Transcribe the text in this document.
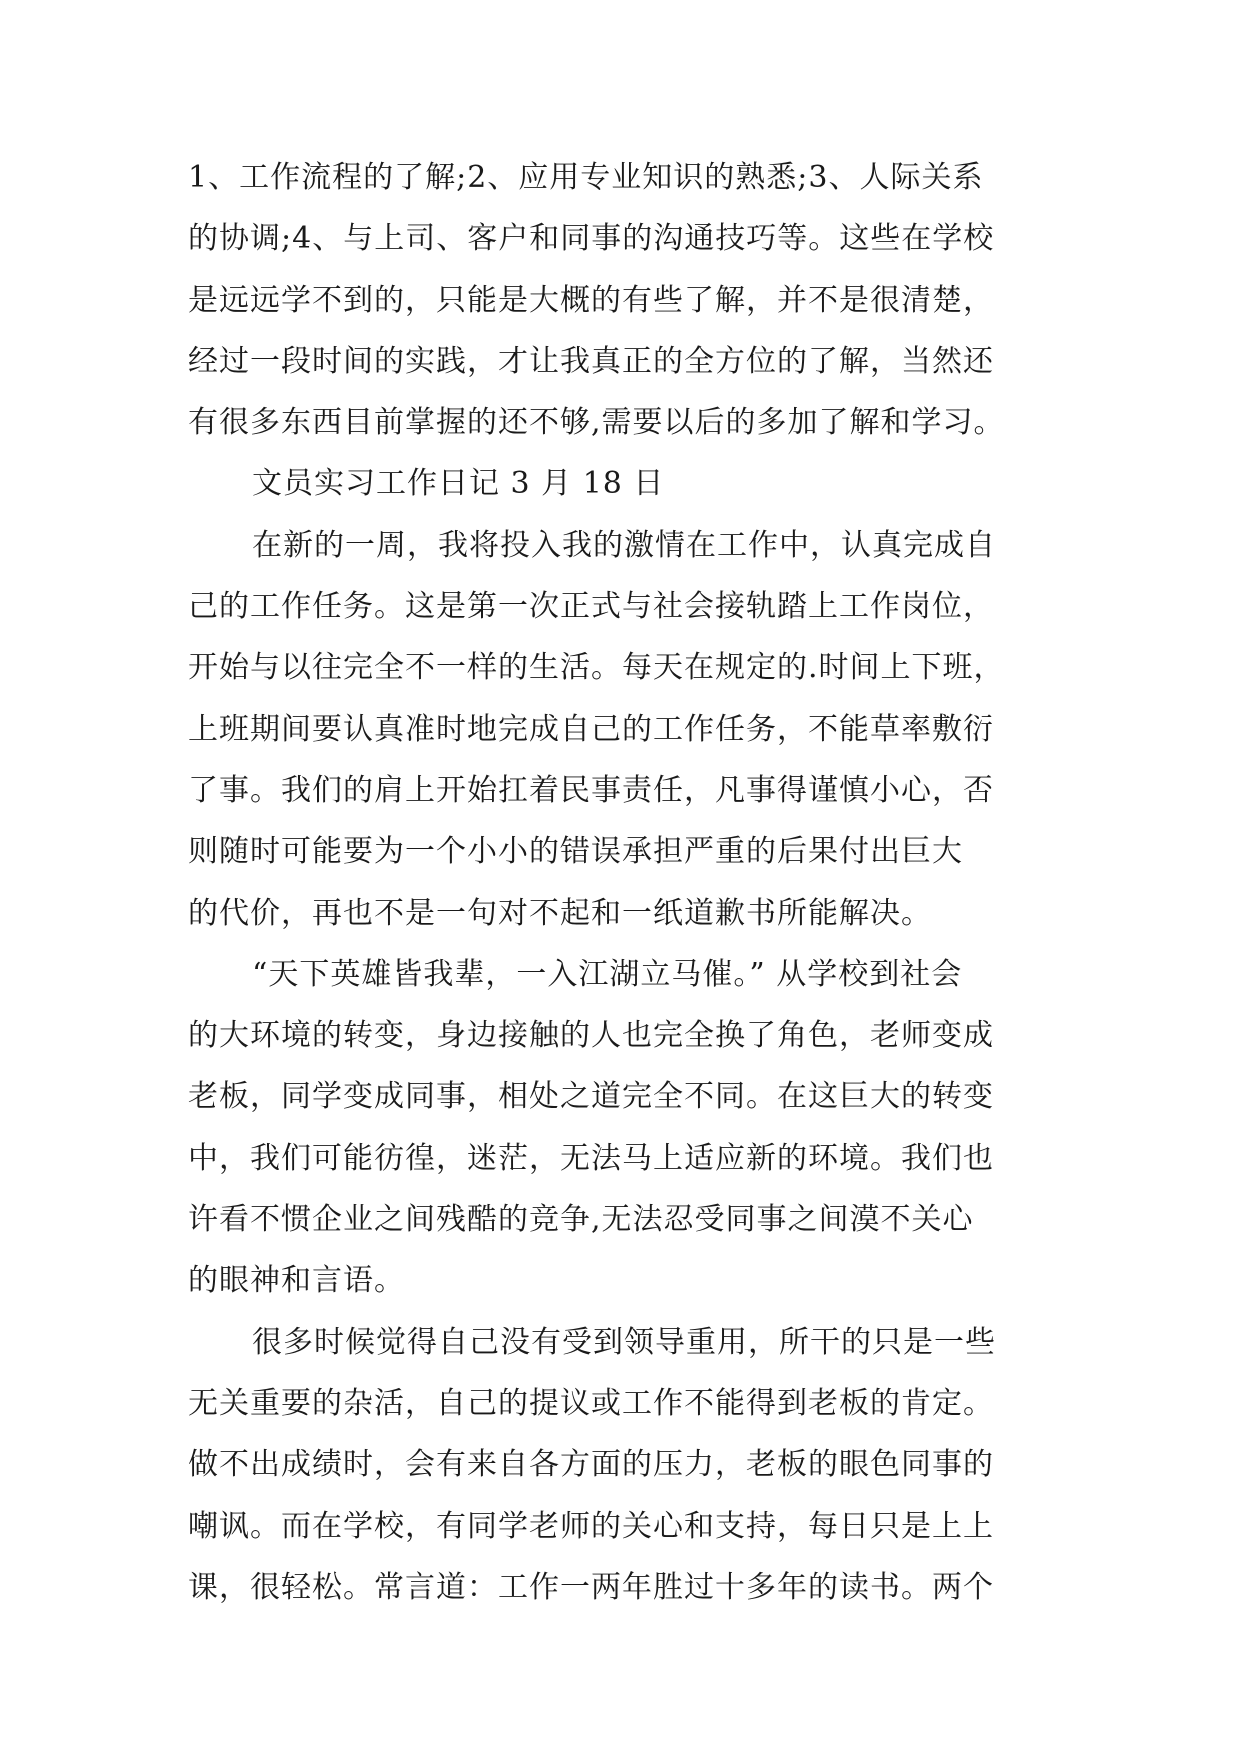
1、工作流程的了解;2、应用专业知识的熟悉;3、人际关系
的协调;4、与上司、客户和同事的沟通技巧等。这些在学校
是远远学不到的，只能是大概的有些了解，并不是很清楚，
经过一段时间的实践，才让我真正的全方位的了解，当然还
有很多东西目前掌握的还不够,需要以后的多加了解和学习。
文员实习工作日记 3 月 18 日
在新的一周，我将投入我的激情在工作中，认真完成自
己的工作任务。这是第一次正式与社会接轨踏上工作岗位，
开始与以往完全不一样的生活。每天在规定的.时间上下班，
上班期间要认真准时地完成自己的工作任务，不能草率敷衍
了事。我们的肩上开始扛着民事责任，凡事得谨慎小心，否
则随时可能要为一个小小的错误承担严重的后果付出巨大
的代价，再也不是一句对不起和一纸道歉书所能解决。
“天下英雄皆我辈，一入江湖立马催。” 从学校到社会
的大环境的转变，身边接触的人也完全换了角色，老师变成
老板，同学变成同事，相处之道完全不同。在这巨大的转变
中，我们可能彷徨，迷茫，无法马上适应新的环境。我们也
许看不惯企业之间残酷的竞争,无法忍受同事之间漠不关心
的眼神和言语。
很多时候觉得自己没有受到领导重用，所干的只是一些
无关重要的杂活，自己的提议或工作不能得到老板的肯定。
做不出成绩时，会有来自各方面的压力，老板的眼色同事的
嘲讽。而在学校，有同学老师的关心和支持，每日只是上上
课，很轻松。常言道：工作一两年胜过十多年的读书。两个
